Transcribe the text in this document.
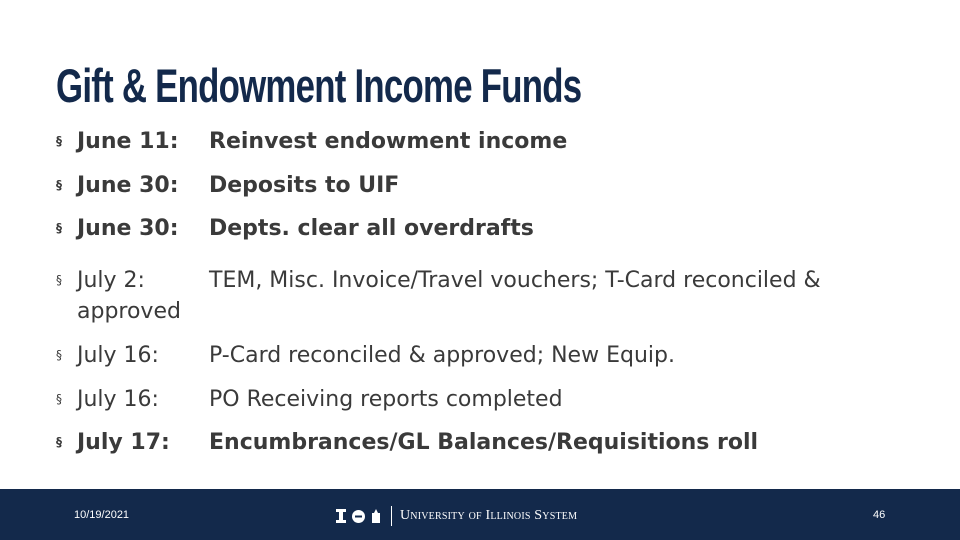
Gift & Endowment Income Funds
§ June 11: Reinvest endowment income
§ June 30: Deposits to UIF
§ June 30: Depts. clear all overdrafts
§ July 2:	TEM, Misc. Invoice/Travel vouchers; T-Card reconciled &
approved
§ July 16: P-Card reconciled & approved; New Equip.
§ July 16: PO Receiving reports completed
§ July 17: Encumbrances/GL Balances/Requisitions roll
10/19/2021	University of Illinois System	46
